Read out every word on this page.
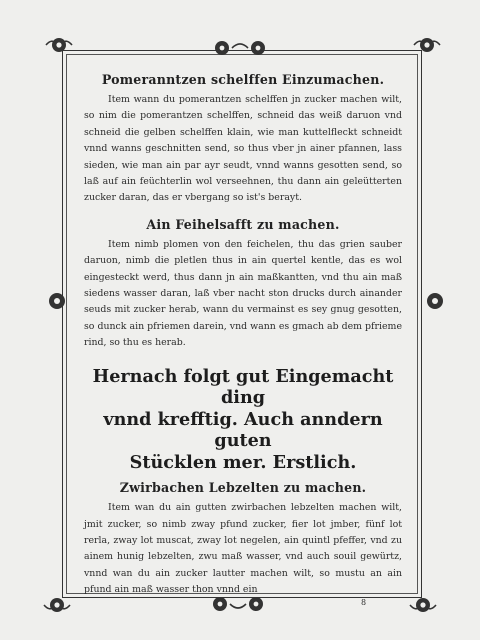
Pomeranntzen schelffen Einzumachen.

Item wann du pomerantzen schelffen jn zucker machen wilt, so nim die pomerantzen schelffen, schneid das weiß daruon vnd schneid die gelben schelffen klain, wie man kuttelfleckt schneidt vnnd wanns geschnitten send, so thus vber jn ainer pfannen, lass sieden, wie man ain par ayr seudt, vnnd wanns gesotten send, so laß auf ain feüchterlin wol verseehnen, thu dann ain geleütterten zucker daran, das er vbergang so ist's berayt.

Ain Feihelsafft zu machen.

Item nimb plomen von den feichelen, thu das grien sauber daruon, nimb die pletlen thus in ain quertel kentle, das es wol eingesteckt werd, thus dann jn ain maßkantten, vnd thu ain maß siedens wasser daran, laß vber nacht ston drucks durch ainander seuds mit zucker herab, wann du vermainst es sey gnug gesotten, so dunck ain pfriemen darein, vnd wann es gmach ab dem pfrieme rind, so thu es herab.

Hernach folgt gut Eingemacht ding
vnnd krefftig. Auch anndern guten
Stücklen mer. Erstlich.
Zwirbachen Lebzelten zu machen.

Item wan du ain gutten zwirbachen lebzelten machen wilt, jmit zucker, so nimb zway pfund zucker, fier lot jmber, fünf lot rerla, zway lot muscat, zway lot negelen, ain quintl pfeffer, vnd zu ainem hunig lebzelten, zwu maß wasser, vnd auch souil gewürtz, vnnd wan du ain zucker lautter machen wilt, so mustu an ain pfund ain maß wasser thon vnnd ein

8
